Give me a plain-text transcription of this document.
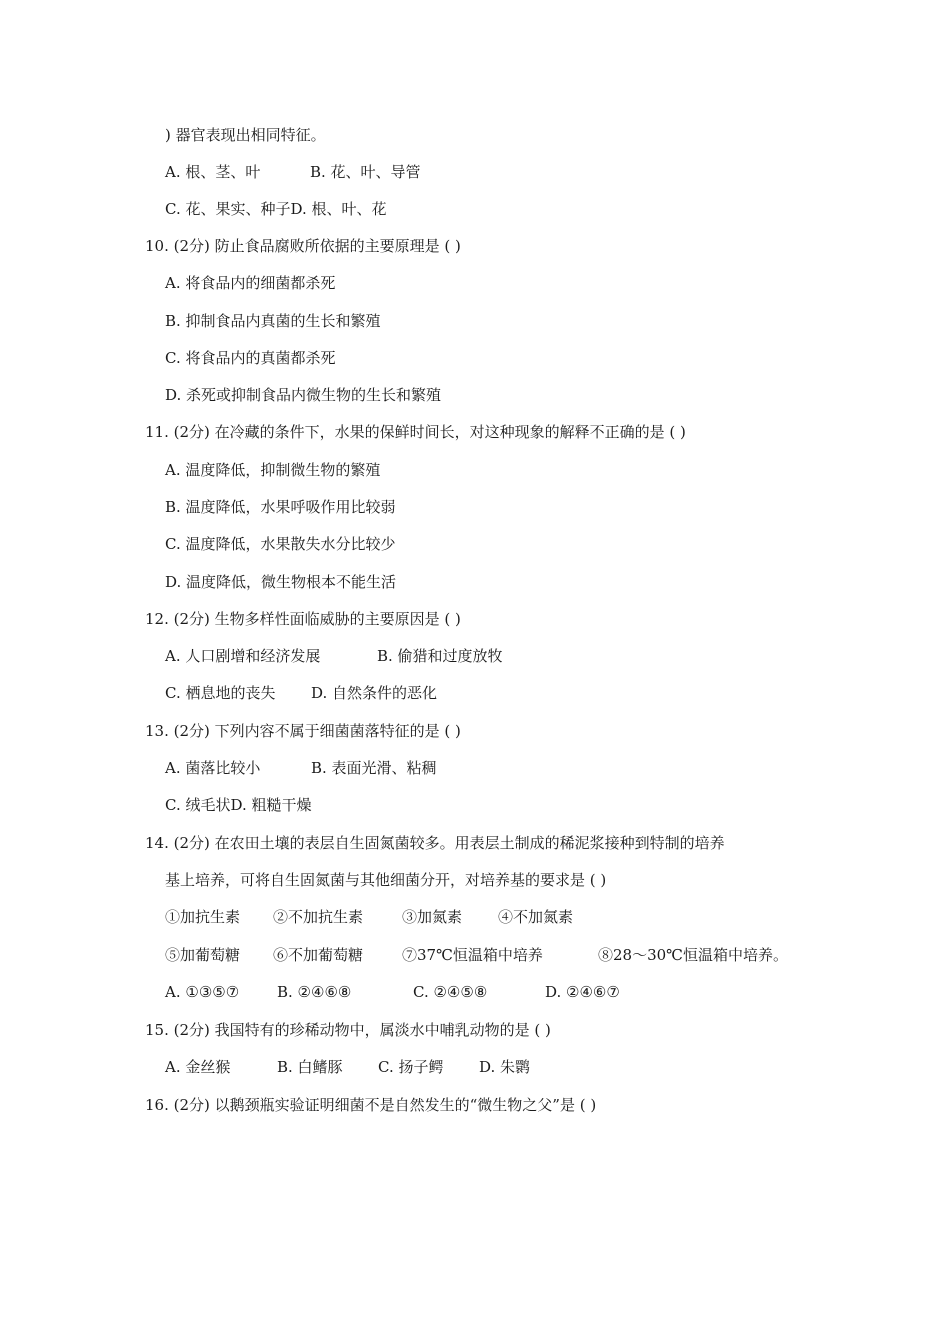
) 器官表现出相同特征。
A. 根、茎、叶	B. 花、叶、导管
C. 花、果实、种子D. 根、叶、花
10. (2分) 防止食品腐败所依据的主要原理是 ( )
A. 将食品内的细菌都杀死
B. 抑制食品内真菌的生长和繁殖
C. 将食品内的真菌都杀死
D. 杀死或抑制食品内微生物的生长和繁殖
11. (2分) 在冷藏的条件下，水果的保鲜时间长，对这种现象的解释不正确的是 ( )
A. 温度降低，抑制微生物的繁殖
B. 温度降低，水果呼吸作用比较弱
C. 温度降低，水果散失水分比较少
D. 温度降低，微生物根本不能生活
12. (2分) 生物多样性面临威胁的主要原因是 ( )
A. 人口剧增和经济发展	B. 偷猎和过度放牧
C. 栖息地的丧失 D. 自然条件的恶化
13. (2分) 下列内容不属于细菌菌落特征的是 ( )
A. 菌落比较小	B. 表面光滑、粘稠
C. 绒毛状D. 粗糙干燥
14. (2分) 在农田土壤的表层自生固氮菌较多。用表层土制成的稀泥浆接种到特制的培养
基上培养，可将自生固氮菌与其他细菌分开，对培养基的要求是 ( )
①加抗生素 ②不加抗生素	③加氮素 ④不加氮素
⑤加葡萄糖 ⑥不加葡萄糖	⑦37℃恒温箱中培养	⑧28～30℃恒温箱中培养。
A. ①③⑤⑦	B. ②④⑥⑧	C. ②④⑤⑧	D. ②④⑥⑦
15. (2分) 我国特有的珍稀动物中，属淡水中哺乳动物的是 ( )
A. 金丝猴	B. 白鳍豚 C. 扬子鳄 D. 朱鹮
16. (2分) 以鹅颈瓶实验证明细菌不是自然发生的“微生物之父”是 ( )
